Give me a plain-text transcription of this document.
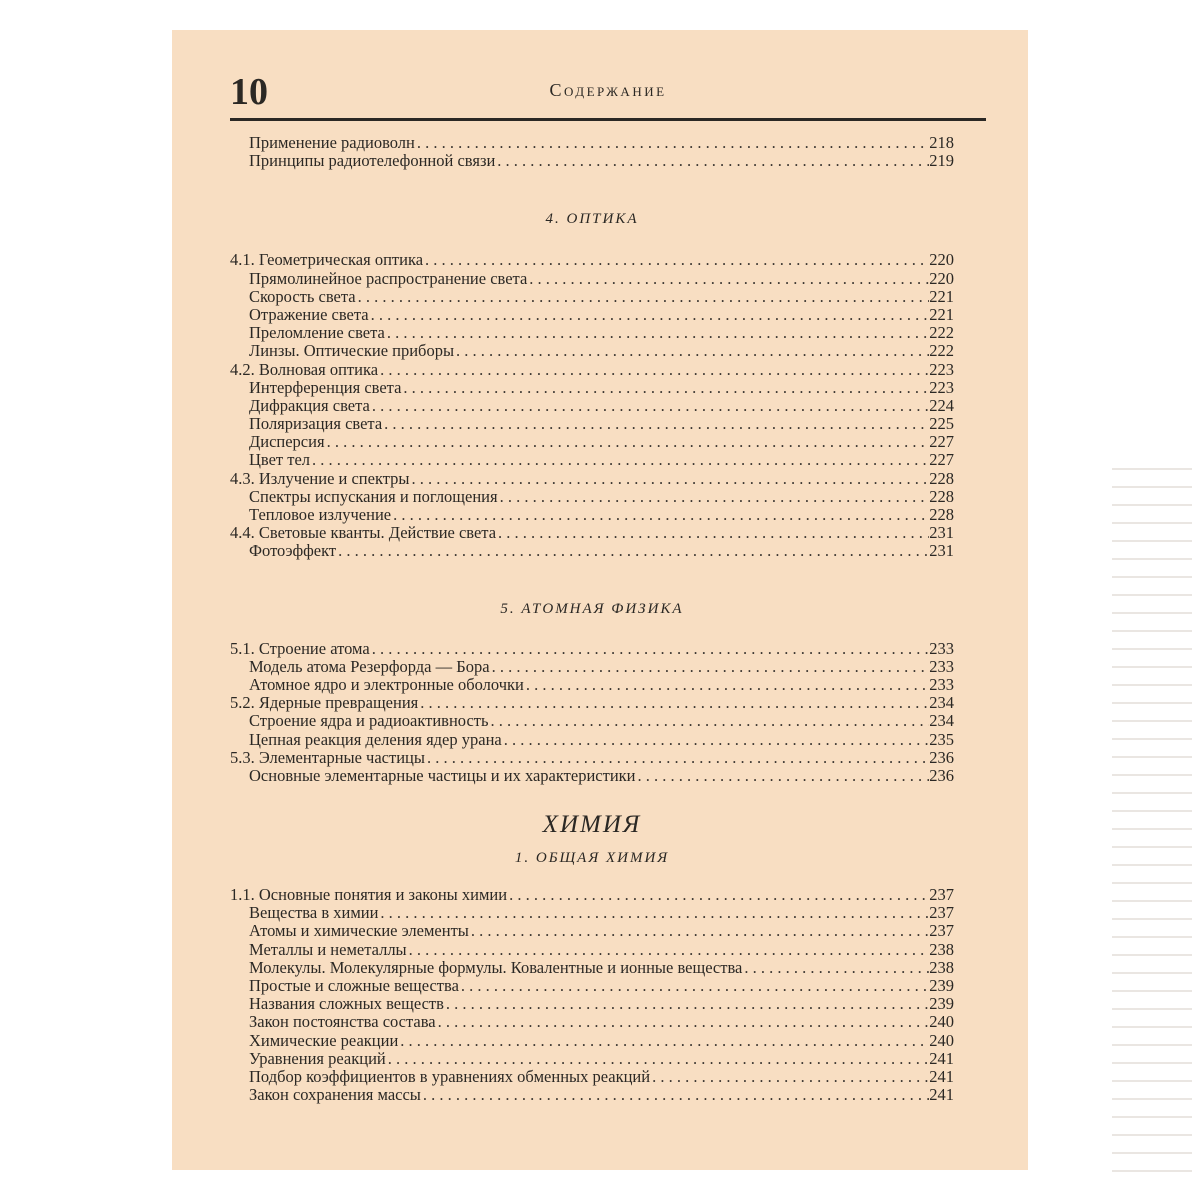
10	Содержание
Применение радиоволн . . .	218
Принципы радиотелефонной связи . . .	219
4. ОПТИКА
4.1. Геометрическая оптика . . .	220
Прямолинейное распространение света . . .	220
Скорость света . . .	221
Отражение света . . .	221
Преломление света . . .	222
Линзы. Оптические приборы . . .	222
4.2. Волновая оптика . . .	223
Интерференция света . . .	223
Дифракция света . . .	224
Поляризация света . . .	225
Дисперсия . . .	227
Цвет тел . . .	227
4.3. Излучение и спектры . . .	228
Спектры испускания и поглощения . . .	228
Тепловое излучение . . .	228
4.4. Световые кванты. Действие света . . .	231
Фотоэффект . . .	231
5. АТОМНАЯ ФИЗИКА
5.1. Строение атома . . .	233
Модель атома Резерфорда — Бора . . .	233
Атомное ядро и электронные оболочки . . .	233
5.2. Ядерные превращения . . .	234
Строение ядра и радиоактивность . . .	234
Цепная реакция деления ядер урана . . .	235
5.3. Элементарные частицы . . .	236
Основные элементарные частицы и их характеристики . . .	236
ХИМИЯ
1. ОБЩАЯ ХИМИЯ
1.1. Основные понятия и законы химии . . .	237
Вещества в химии . . .	237
Атомы и химические элементы . . .	237
Металлы и неметаллы . . .	238
Молекулы. Молекулярные формулы. Ковалентные и ионные вещества . . .	238
Простые и сложные вещества . . .	239
Названия сложных веществ . . .	239
Закон постоянства состава . . .	240
Химические реакции . . .	240
Уравнения реакций . . .	241
Подбор коэффициентов в уравнениях обменных реакций . . .	241
Закон сохранения массы . . .	241
